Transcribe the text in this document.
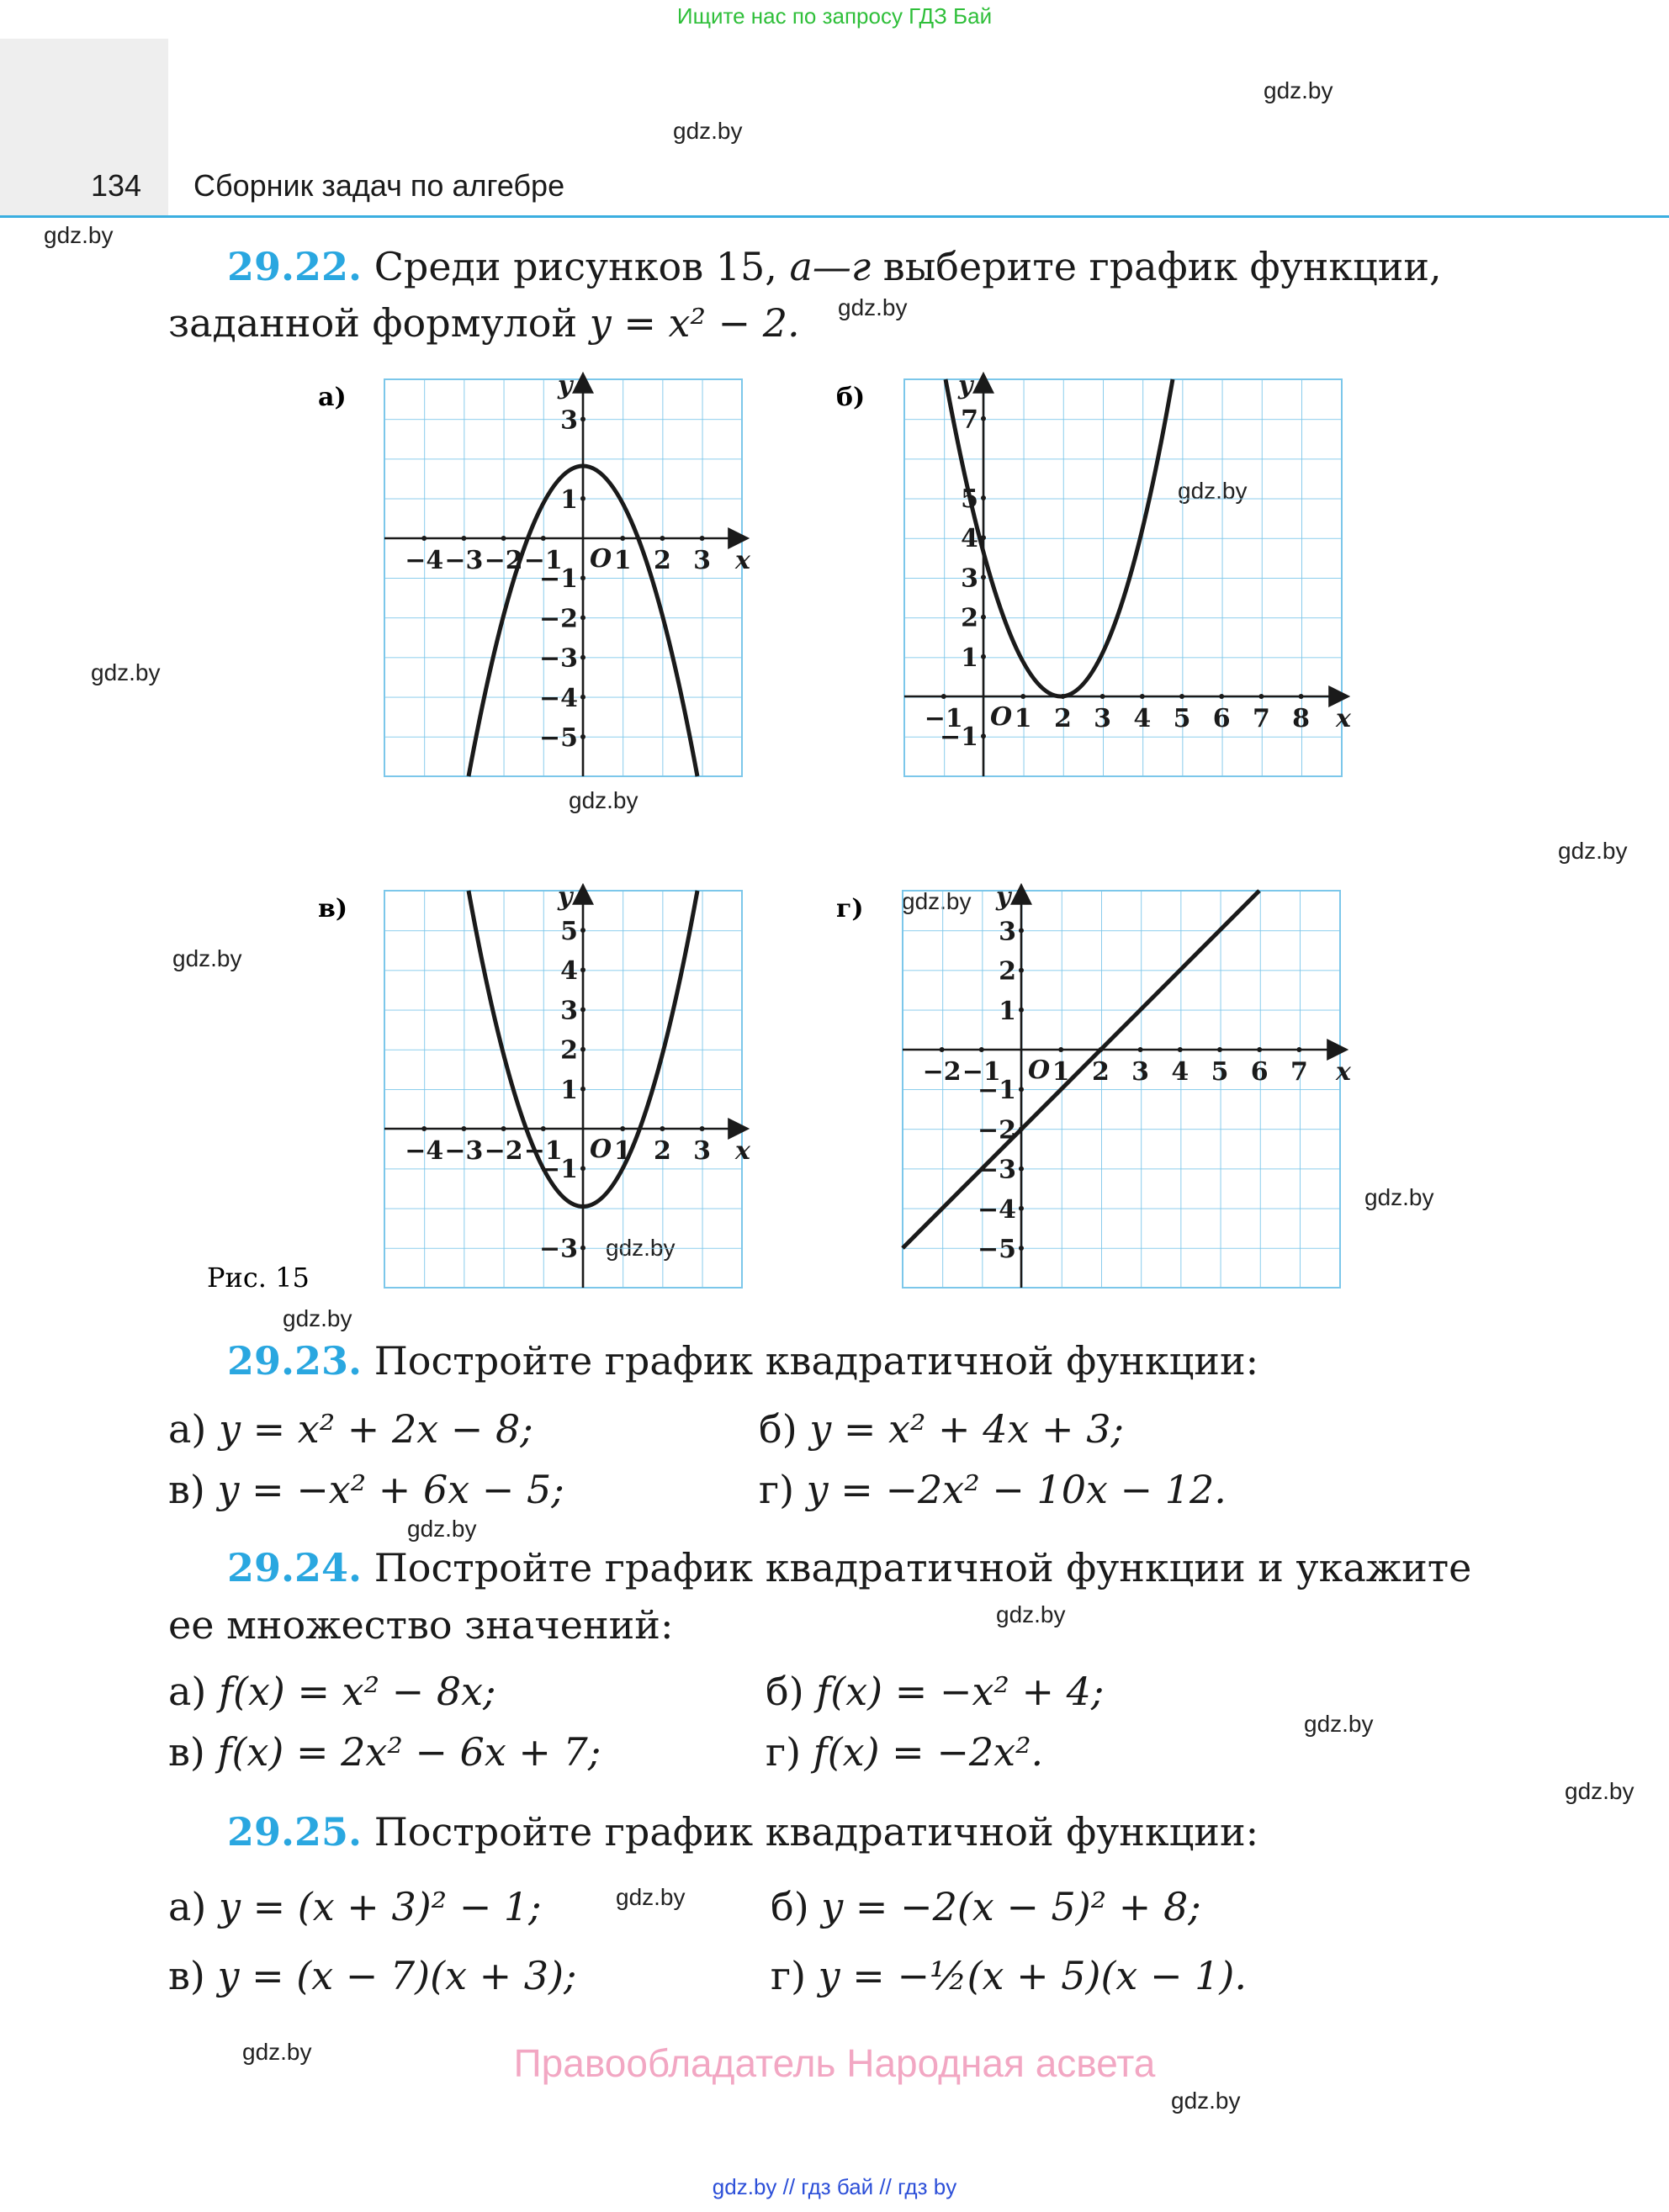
Ищите нас по запросу ГДЗ Бай
134 Сборник задач по алгебре
gdz.by
gdz.by
gdz.by
gdz.by
gdz.by
gdz.by
gdz.by
gdz.by
gdz.by
gdz.by
gdz.by
gdz.by
gdz.by
gdz.by
gdz.by
gdz.by
gdz.by
29.22. Среди рисунков 15, а—г выберите график функции,
заданной формулой y = x² − 2.
а)	б)
в)	г)
−4 −3 −2 −1 1 2 3
3
1
−1
−2
−3
−4
−5
O
y
x
−1 1 2 3 4 5 6 7 8
7
5
4
3
2
1
−1
O
y
x
−4 −3 −2 −1 1 2 3
5
4
3
2
1
−1
−3
O
y
x
−2 −1 1 2 3 4 5 6 7
3
2
1
−1
−2
−3
−4
−5
O
y
x
Рис. 15
29.23. Постройте график квадратичной функции:
а) y = x² + 2x − 8;	б) y = x² + 4x + 3;
в) y = −x² + 6x − 5;	г) y = −2x² − 10x − 12.
29.24. Постройте график квадратичной функции и укажите
ее множество значений:
а) f(x) = x² − 8x;	б) f(x) = −x² + 4;
в) f(x) = 2x² − 6x + 7;	г) f(x) = −2x².
29.25. Постройте график квадратичной функции:
а) y = (x + 3)² − 1;	б) y = −2(x − 5)² + 8;
в) y = (x − 7)(x + 3);	г) y = −½(x + 5)(x − 1).
Правообладатель Народная асвета
gdz.by // гдз бай // гдз by
